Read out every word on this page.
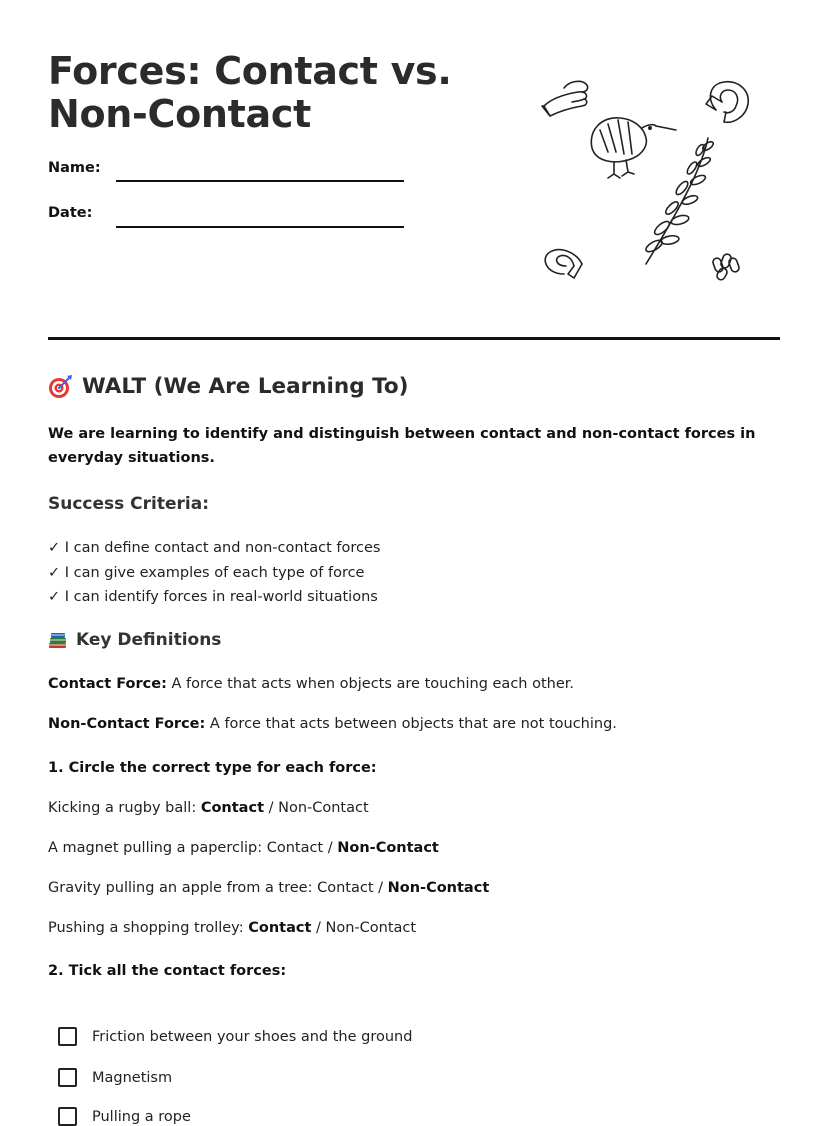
Forces: Contact vs. Non-Contact
Name:
Date:
WALT (We Are Learning To)

We are learning to identify and distinguish between contact and non-contact forces in everyday situations.

Success Criteria:
✓ I can define contact and non-contact forces
✓ I can give examples of each type of force
✓ I can identify forces in real-world situations
Key Definitions
Contact Force: A force that acts when objects are touching each other.
Non-Contact Force: A force that acts between objects that are not touching.
1. Circle the correct type for each force:
Kicking a rugby ball: Contact / Non-Contact
A magnet pulling a paperclip: Contact / Non-Contact
Gravity pulling an apple from a tree: Contact / Non-Contact
Pushing a shopping trolley: Contact / Non-Contact
2. Tick all the contact forces:
Friction between your shoes and the ground
Magnetism
Pulling a rope
